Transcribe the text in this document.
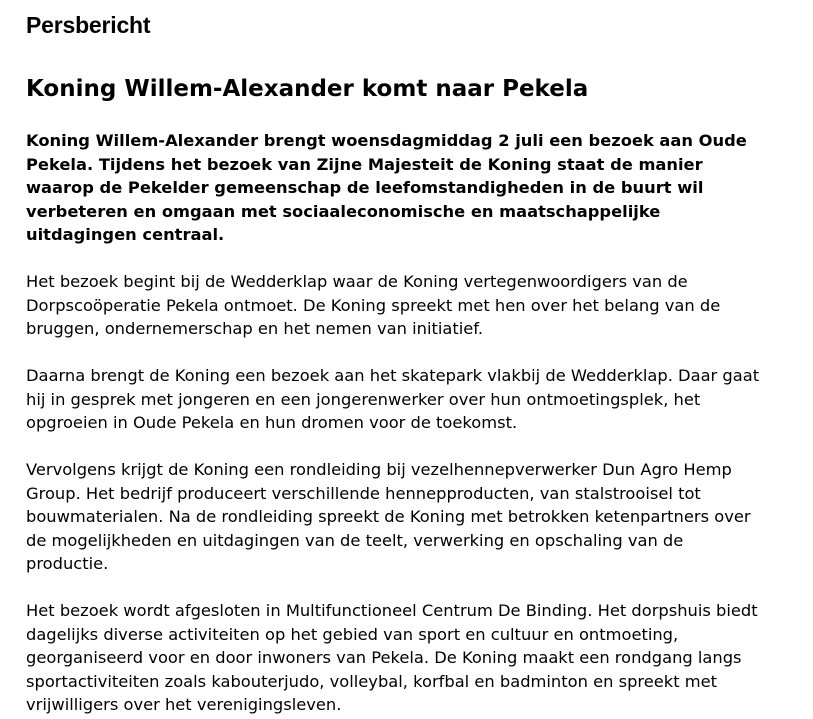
Persbericht
Koning Willem-Alexander komt naar Pekela

Koning Willem-Alexander brengt woensdagmiddag 2 juli een bezoek aan Oude
Pekela. Tijdens het bezoek van Zijne Majesteit de Koning staat de manier
waarop de Pekelder gemeenschap de leefomstandigheden in de buurt wil
verbeteren en omgaan met sociaaleconomische en maatschappelijke
uitdagingen centraal.

Het bezoek begint bij de Wedderklap waar de Koning vertegenwoordigers van de
Dorpscoöperatie Pekela ontmoet. De Koning spreekt met hen over het belang van de
bruggen, ondernemerschap en het nemen van initiatief.

Daarna brengt de Koning een bezoek aan het skatepark vlakbij de Wedderklap. Daar gaat
hij in gesprek met jongeren en een jongerenwerker over hun ontmoetingsplek, het
opgroeien in Oude Pekela en hun dromen voor de toekomst.

Vervolgens krijgt de Koning een rondleiding bij vezelhennepverwerker Dun Agro Hemp
Group. Het bedrijf produceert verschillende hennepproducten, van stalstrooisel tot
bouwmaterialen. Na de rondleiding spreekt de Koning met betrokken ketenpartners over
de mogelijkheden en uitdagingen van de teelt, verwerking en opschaling van de
productie.

Het bezoek wordt afgesloten in Multifunctioneel Centrum De Binding. Het dorpshuis biedt
dagelijks diverse activiteiten op het gebied van sport en cultuur en ontmoeting,
georganiseerd voor en door inwoners van Pekela. De Koning maakt een rondgang langs
sportactiviteiten zoals kabouterjudo, volleybal, korfbal en badminton en spreekt met
vrijwilligers over het verenigingsleven.
